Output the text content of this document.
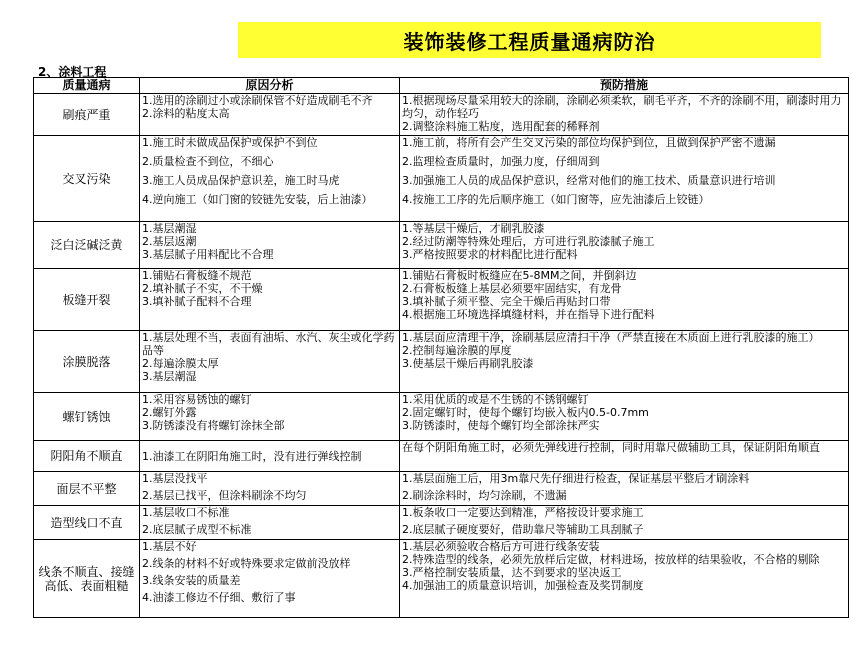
装饰装修工程质量通病防治
2、涂料工程
质量通病	原因分析	预防措施
刷痕严重	1.选用的涂刷过小或涂刷保管不好造成刷毛不齐
2.涂料的粘度太高	1.根据现场尽量采用较大的涂刷，涂刷必须柔软，刷毛平齐，不齐的涂刷不用，刷漆时用力均匀，动作轻巧
2.调整涂料施工粘度，选用配套的稀释剂

交叉污染	1.施工时未做成品保护或保护不到位
2.质量检查不到位，不细心
3.施工人员成品保护意识差，施工时马虎
4.逆向施工（如门窗的铰链先安装，后上油漆）	1.施工前，将所有会产生交叉污染的部位均保护到位，且做到保护严密不遗漏
2.监理检查质量时，加强力度，仔细周到
3.加强施工人员的成品保护意识，经常对他们的施工技术、质量意识进行培训
4.按施工工序的先后顺序施工（如门窗等，应先油漆后上铰链）

泛白泛碱泛黄	1.基层潮湿
2.基层返潮
3.基层腻子用料配比不合理	1.等基层干燥后，才刷乳胶漆
2.经过防潮等特殊处理后，方可进行乳胶漆腻子施工
3.严格按照要求的材料配比进行配料

板缝开裂	1.铺贴石膏板缝不规范
2.填补腻子不实，不干燥
3.填补腻子配料不合理	1.铺贴石膏板时板缝应在5-8MM之间，并倒斜边
2.石膏板板缝上基层必须要牢固结实，有龙骨
3.填补腻子须平整、完全干燥后再贴封口带
4.根据施工环境选择填缝材料，并在指导下进行配料

涂膜脱落	1.基层处理不当，表面有油垢、水汽、灰尘或化学药品等
2.每遍涂膜太厚
3.基层潮湿	1.基层面应清理干净，涂刷基层应清扫干净（严禁直接在木质面上进行乳胶漆的施工）
2.控制每遍涂膜的厚度
3.使基层干燥后再刷乳胶漆

螺钉锈蚀	1.采用容易锈蚀的螺钉
2.螺钉外露
3.防锈漆没有将螺钉涂抹全部	1.采用优质的或是不生锈的不锈钢螺钉
2.固定螺钉时，使每个螺钉均嵌入板内0.5-0.7mm
3.防锈漆时，使每个螺钉均全部涂抹严实

阴阳角不顺直	1.油漆工在阴阳角施工时，没有进行弹线控制	在每个阴阳角施工时，必须先弹线进行控制，同时用靠尺做辅助工具，保证阴阳角顺直

面层不平整	1.基层没找平
2.基层已找平，但涂料刷涂不均匀	1.基层面施工后，用3m靠尺先仔细进行检查，保证基层平整后才刷涂料
2.刷涂涂料时，均匀涂刷，不遗漏

造型线口不直	1.基层收口不标准
2.底层腻子成型不标准	1.板条收口一定要达到精准，严格按设计要求施工
2.底层腻子硬度要好，借助靠尺等辅助工具刮腻子

线条不顺直、接缝高低、表面粗糙	1.基层不好
2.线条的材料不好或特殊要求定做前没放样
3.线条安装的质量差
4.油漆工修边不仔细、敷衍了事	1.基层必须验收合格后方可进行线条安装
2.特殊造型的线条，必须先放样后定做，材料进场，按放样的结果验收，不合格的剔除
3.严格控制安装质量，达不到要求的坚决返工
4.加强油工的质量意识培训，加强检查及奖罚制度
